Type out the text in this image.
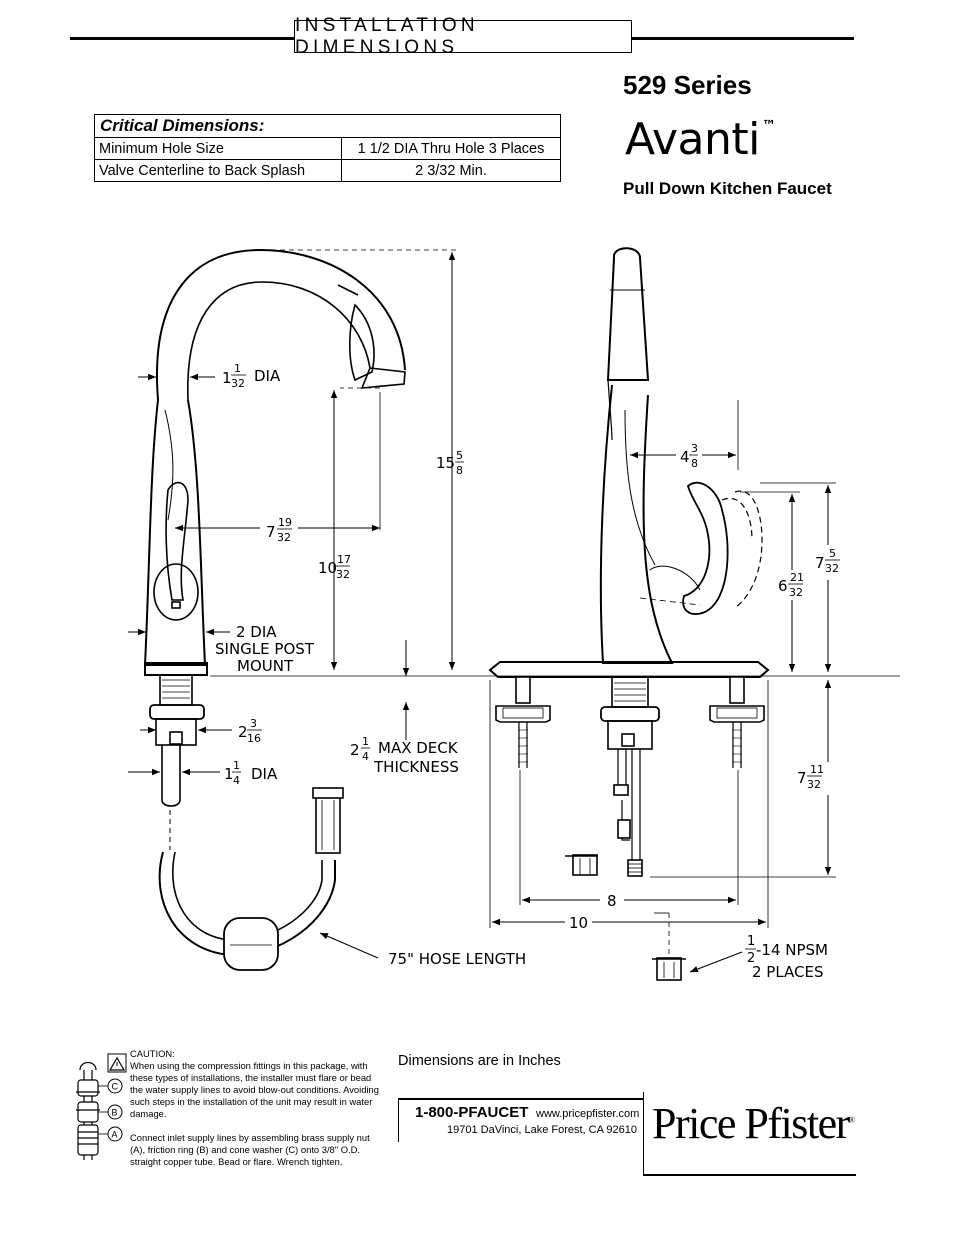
INSTALLATION DIMENSIONS
529 Series
Avanti ™
Pull Down Kitchen Faucet
Critical Dimensions:	
Minimum Hole Size	1 1/2 DIA Thru Hole 3 Places
Valve Centerline to Back Splash	2 3/32 Min.
1
1
32 DIA
15 5
8
7
19
32
10 17
32
2 DIA
SINGLE POST
MOUNT
2 3
16
1 1
4 DIA
2 1
4 MAX DECK
THICKNESS
75" HOSE LENGTH
4 3
8
6 21
32
7
5
32
7 11
32
8
10
1
2 -14 NPSM
2 PLACES
C
B
A

CAUTION:

When using the compression fittings in this package, with these types of installations, the installer must flare or bead the water supply lines to avoid blow-out conditions. Avoiding such steps in the installation of the unit may result in water damage.

Connect inlet supply lines by assembling brass supply nut (A), friction ring (B) and cone washer (C) onto 3/8" O.D. straight copper tube. Bead or flare. Wrench tighten.

Dimensions are in Inches
1-800-PFAUCET www.pricepfister.com
19701 DaVinci, Lake Forest, CA 92610 Price Pfister®
